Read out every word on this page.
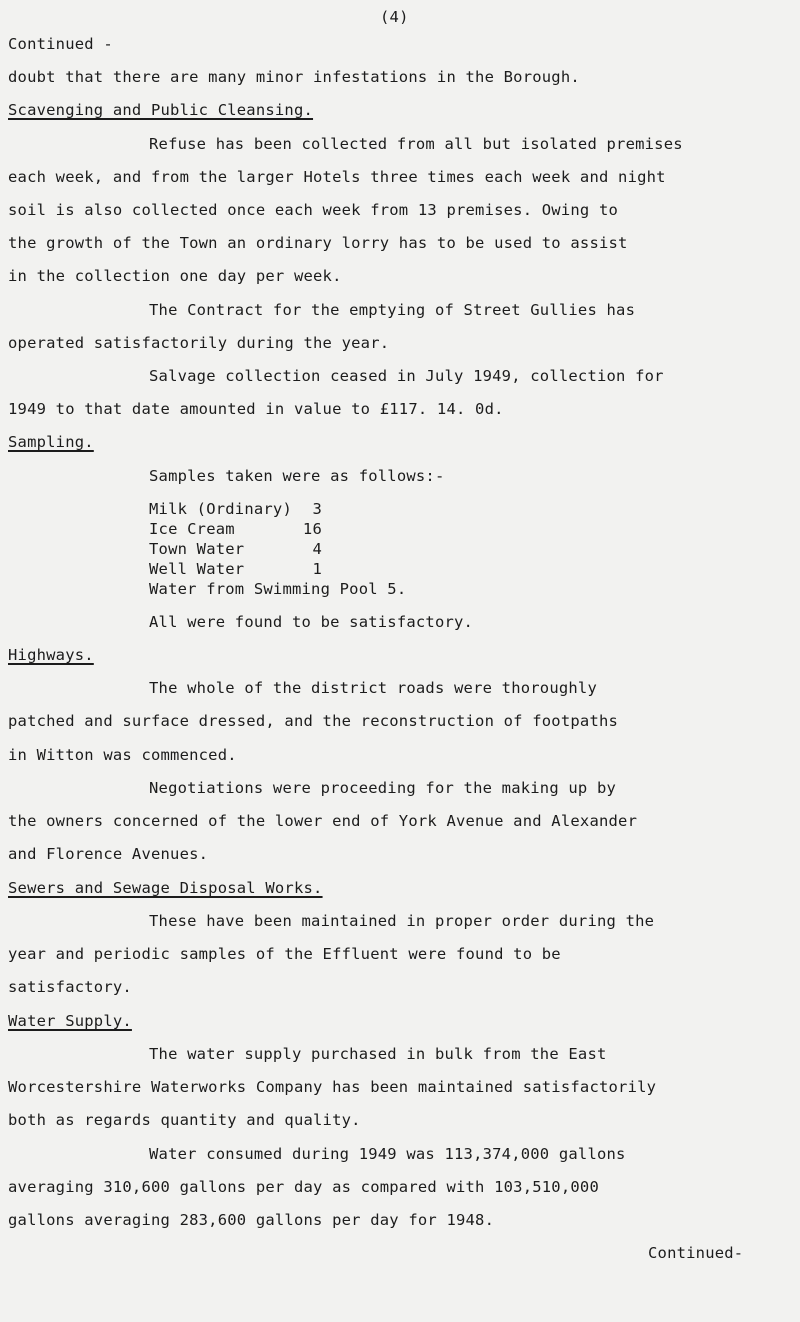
(4)
Continued -
doubt that there are many minor infestations in the Borough.
Scavenging and Public Cleansing.
Refuse has been collected from all but isolated premises
each week, and from the larger Hotels three times each week and night
soil is also collected once each week from 13 premises. Owing to
the growth of the Town an ordinary lorry has to be used to assist
in the collection one day per week.
The Contract for the emptying of Street Gullies has
operated satisfactorily during the year.
Salvage collection ceased in July 1949, collection for
1949 to that date amounted in value to £117. 14. 0d.
Sampling.
Samples taken were as follows:-
Milk (Ordinary)	3
Ice Cream	16
Town Water	4
Well Water	1
Water from Swimming Pool 5.
All were found to be satisfactory.
Highways.
The whole of the district roads were thoroughly
patched and surface dressed, and the reconstruction of footpaths
in Witton was commenced.
Negotiations were proceeding for the making up by
the owners concerned of the lower end of York Avenue and Alexander
and Florence Avenues.
Sewers and Sewage Disposal Works.
These have been maintained in proper order during the
year and periodic samples of the Effluent were found to be
satisfactory.
Water Supply.
The water supply purchased in bulk from the East
Worcestershire Waterworks Company has been maintained satisfactorily
both as regards quantity and quality.
Water consumed during 1949 was 113,374,000 gallons
averaging 310,600 gallons per day as compared with 103,510,000
gallons averaging 283,600 gallons per day for 1948.
Continued-
